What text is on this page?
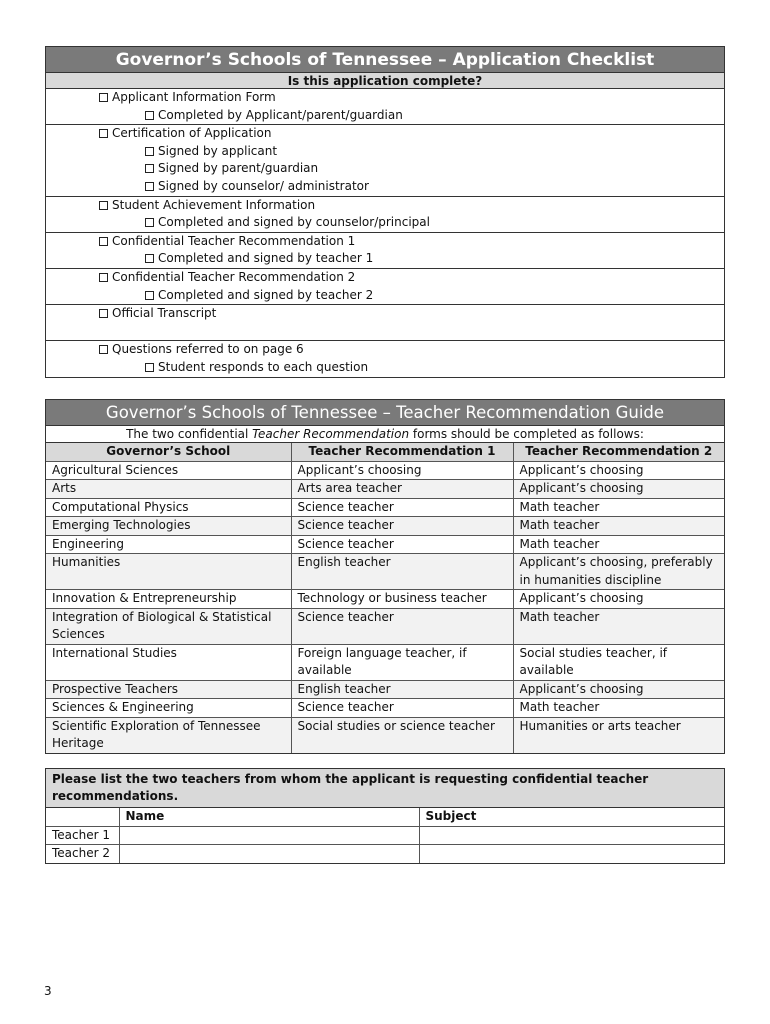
Governor’s Schools of Tennessee – Application Checklist
Is this application complete?
Applicant Information Form
Completed by Applicant/parent/guardian
Certification of Application
Signed by applicant
Signed by parent/guardian
Signed by counselor/ administrator
Student Achievement Information
Completed and signed by counselor/principal
Confidential Teacher Recommendation 1
Completed and signed by teacher 1
Confidential Teacher Recommendation 2
Completed and signed by teacher 2
Official Transcript
Questions referred to on page 6
Student responds to each question
Governor’s Schools of Tennessee – Teacher Recommendation Guide
The two confidential Teacher Recommendation forms should be completed as follows:
Governor’s School	Teacher Recommendation 1	Teacher Recommendation 2
Agricultural Sciences	Applicant’s choosing	Applicant’s choosing
Arts	Arts area teacher	Applicant’s choosing
Computational Physics	Science teacher	Math teacher
Emerging Technologies	Science teacher	Math teacher
Engineering	Science teacher	Math teacher
Humanities	English teacher	Applicant’s choosing, preferably in humanities discipline
Innovation & Entrepreneurship	Technology or business teacher	Applicant’s choosing
Integration of Biological & Statistical Sciences	Science teacher	Math teacher
International Studies	Foreign language teacher, if available	Social studies teacher, if available
Prospective Teachers	English teacher	Applicant’s choosing
Sciences & Engineering	Science teacher	Math teacher
Scientific Exploration of Tennessee Heritage	Social studies or science teacher	Humanities or arts teacher
Please list the two teachers from whom the applicant is requesting confidential teacher recommendations.
	Name	Subject
Teacher 1		
Teacher 2		
3
